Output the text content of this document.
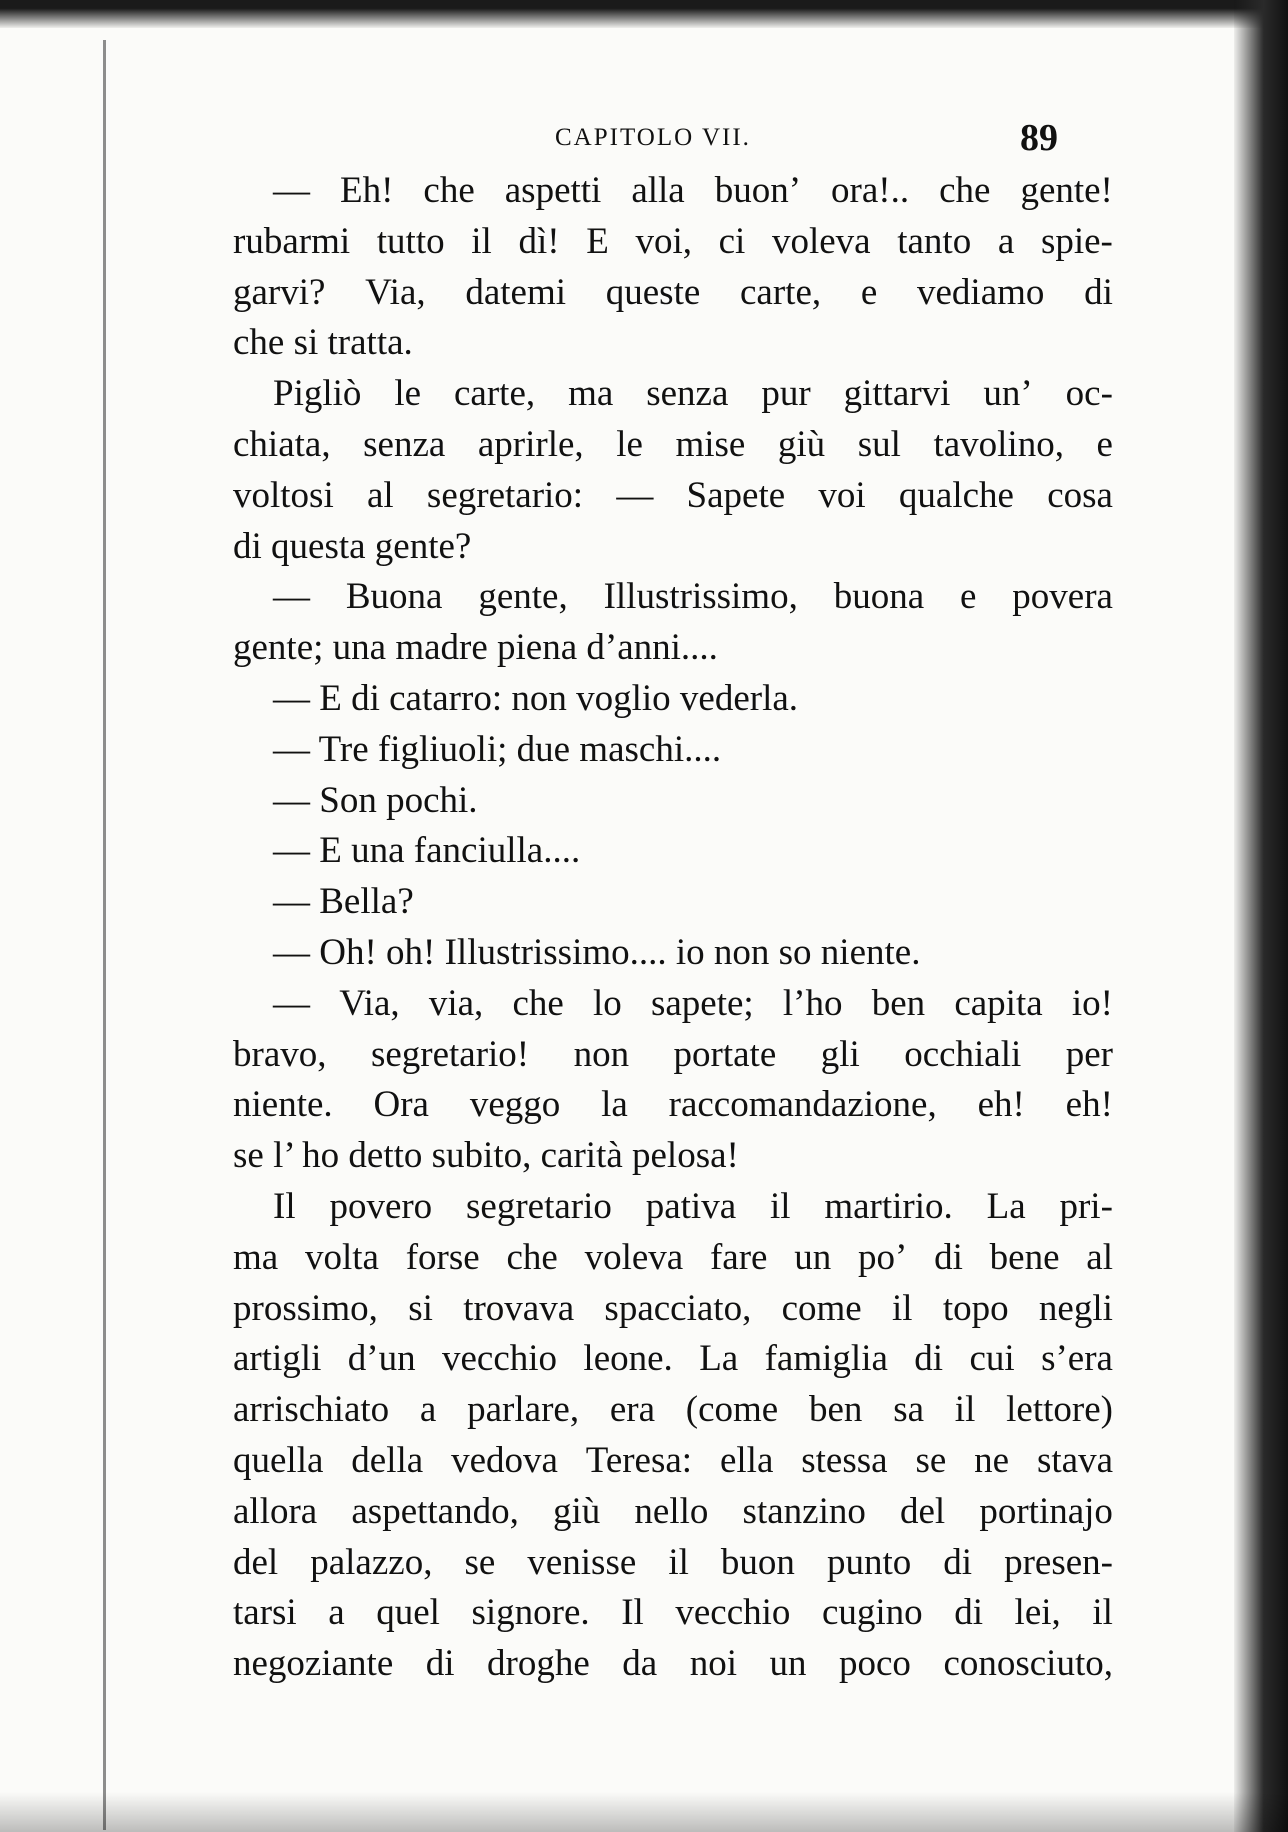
CAPITOLO VII.	89
— Eh! che aspetti alla buon’ ora!.. che gente!
rubarmi tutto il dì! E voi, ci voleva tanto a spie-
garvi? Via, datemi queste carte, e vediamo di
che si tratta.
Pigliò le carte, ma senza pur gittarvi un’ oc-
chiata, senza aprirle, le mise giù sul tavolino, e
voltosi al segretario: — Sapete voi qualche cosa
di questa gente?
— Buona gente, Illustrissimo, buona e povera
gente; una madre piena d’anni....
— E di catarro: non voglio vederla.
— Tre figliuoli; due maschi....
— Son pochi.
— E una fanciulla....
— Bella?
— Oh! oh! Illustrissimo.... io non so niente.
— Via, via, che lo sapete; l’ho ben capita io!
bravo, segretario! non portate gli occhiali per
niente. Ora veggo la raccomandazione, eh! eh!
se l’ ho detto subito, carità pelosa!
Il povero segretario pativa il martirio. La pri-
ma volta forse che voleva fare un po’ di bene al
prossimo, si trovava spacciato, come il topo negli
artigli d’un vecchio leone. La famiglia di cui s’era
arrischiato a parlare, era (come ben sa il lettore)
quella della vedova Teresa: ella stessa se ne stava
allora aspettando, giù nello stanzino del portinajo
del palazzo, se venisse il buon punto di presen-
tarsi a quel signore. Il vecchio cugino di lei, il
negoziante di droghe da noi un poco conosciuto,
